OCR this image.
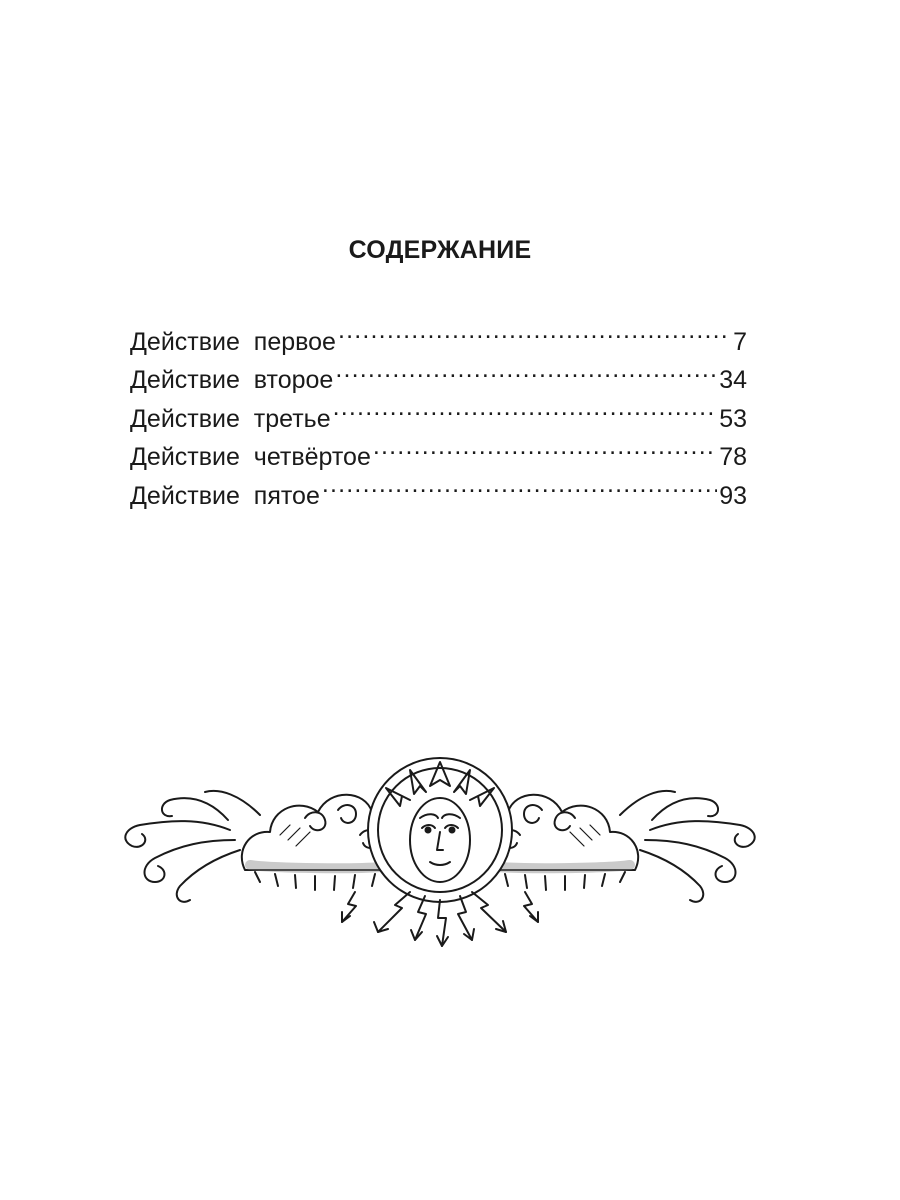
СОДЕРЖАНИЕ
Действие  первое .....	7
Действие  второе .....	34
Действие  третье .....	53
Действие  четвёртое .....	78
Действие  пятое .....	93
